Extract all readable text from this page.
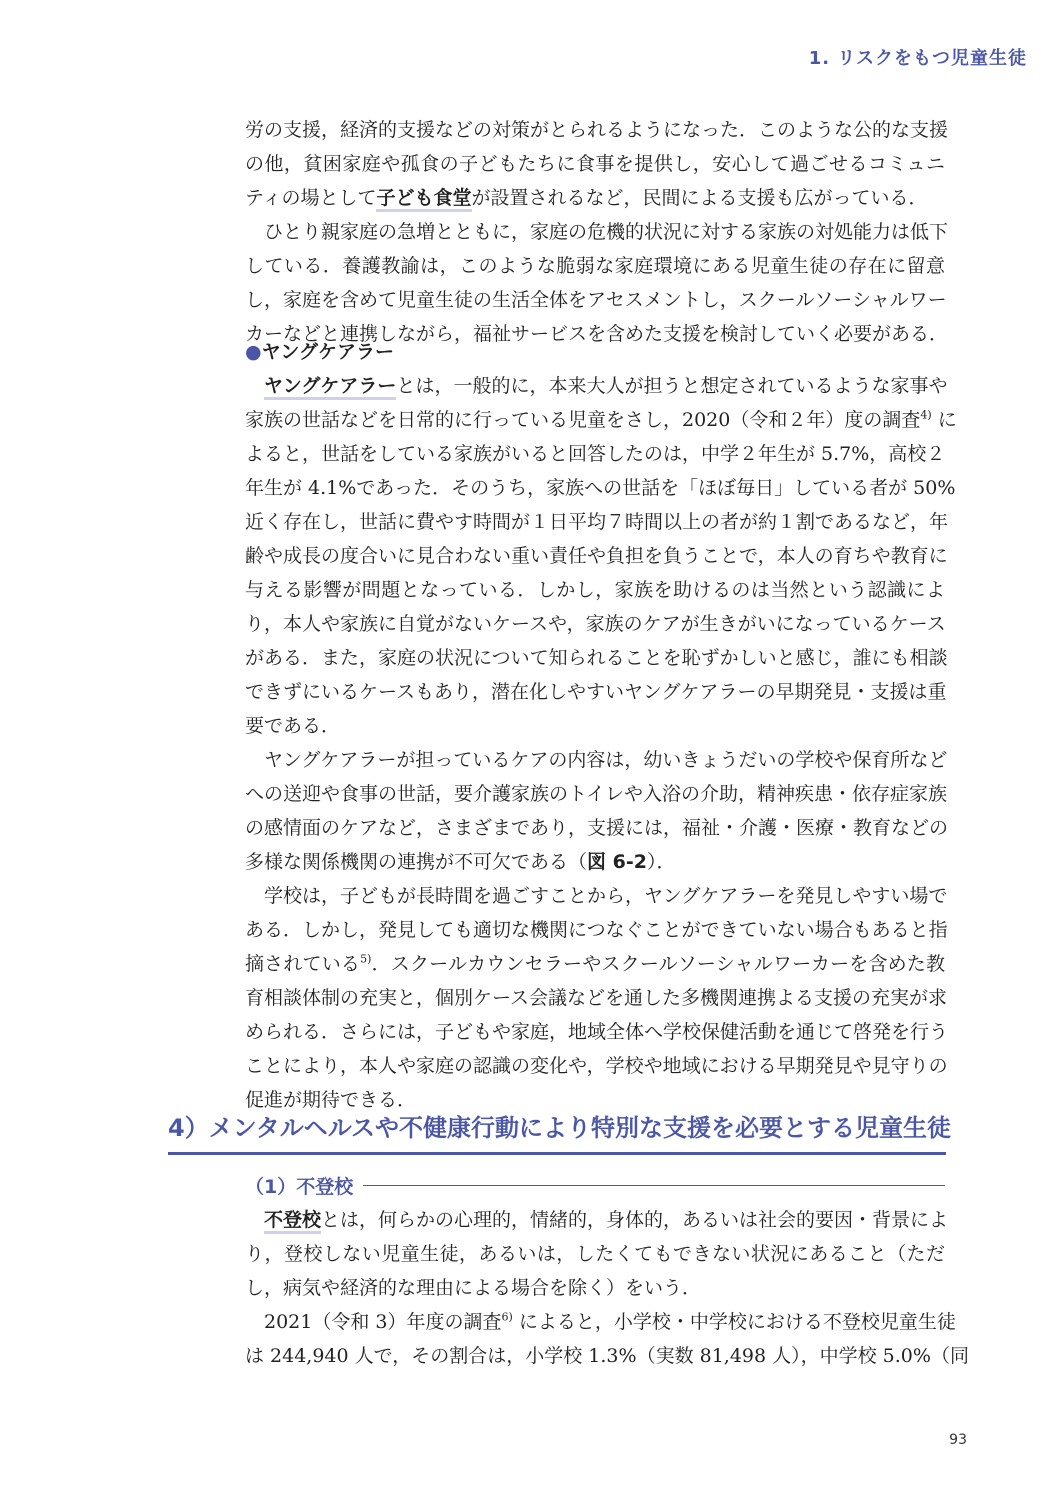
1. リスクをもつ児童生徒
労の支援，経済的支援などの対策がとられるようになった．このような公的な支援
の他，貧困家庭や孤食の子どもたちに食事を提供し，安心して過ごせるコミュニ
ティの場として子ども食堂が設置されるなど，民間による支援も広がっている．
ひとり親家庭の急増とともに，家庭の危機的状況に対する家族の対処能力は低下
している．養護教諭は，このような脆弱な家庭環境にある児童生徒の存在に留意
し，家庭を含めて児童生徒の生活全体をアセスメントし，スクールソーシャルワー
カーなどと連携しながら，福祉サービスを含めた支援を検討していく必要がある．
●ヤングケアラー
ヤングケアラーとは，一般的に，本来大人が担うと想定されているような家事や
家族の世話などを日常的に行っている児童をさし，2020（令和２年）度の調査$^{4)}$ に
よると，世話をしている家族がいると回答したのは，中学２年生が 5.7%，高校２
年生が 4.1%であった．そのうち，家族への世話を「ほぼ毎日」している者が 50%
近く存在し，世話に費やす時間が１日平均７時間以上の者が約１割であるなど，年
齢や成長の度合いに見合わない重い責任や負担を負うことで，本人の育ちや教育に
与える影響が問題となっている．しかし，家族を助けるのは当然という認識によ
り，本人や家族に自覚がないケースや，家族のケアが生きがいになっているケース
がある．また，家庭の状況について知られることを恥ずかしいと感じ，誰にも相談
できずにいるケースもあり，潜在化しやすいヤングケアラーの早期発見・支援は重
要である．
ヤングケアラーが担っているケアの内容は，幼いきょうだいの学校や保育所など
への送迎や食事の世話，要介護家族のトイレや入浴の介助，精神疾患・依存症家族
の感情面のケアなど，さまざまであり，支援には，福祉・介護・医療・教育などの
多様な関係機関の連携が不可欠である（図 6-2）．
学校は，子どもが長時間を過ごすことから，ヤングケアラーを発見しやすい場で
ある．しかし，発見しても適切な機関につなぐことができていない場合もあると指
摘されている$^{5)}$．スクールカウンセラーやスクールソーシャルワーカーを含めた教
育相談体制の充実と，個別ケース会議などを通した多機関連携よる支援の充実が求
められる．さらには，子どもや家庭，地域全体へ学校保健活動を通じて啓発を行う
ことにより，本人や家庭の認識の変化や，学校や地域における早期発見や見守りの
促進が期待できる．
4）メンタルヘルスや不健康行動により特別な支援を必要とする児童生徒
（1）不登校
不登校とは，何らかの心理的，情緒的，身体的，あるいは社会的要因・背景によ
り，登校しない児童生徒，あるいは，したくてもできない状況にあること（ただ
し，病気や経済的な理由による場合を除く）をいう．
2021（令和 3）年度の調査$^{6)}$ によると，小学校・中学校における不登校児童生徒
は 244,940 人で，その割合は，小学校 1.3%（実数 81,498 人），中学校 5.0%（同
93
